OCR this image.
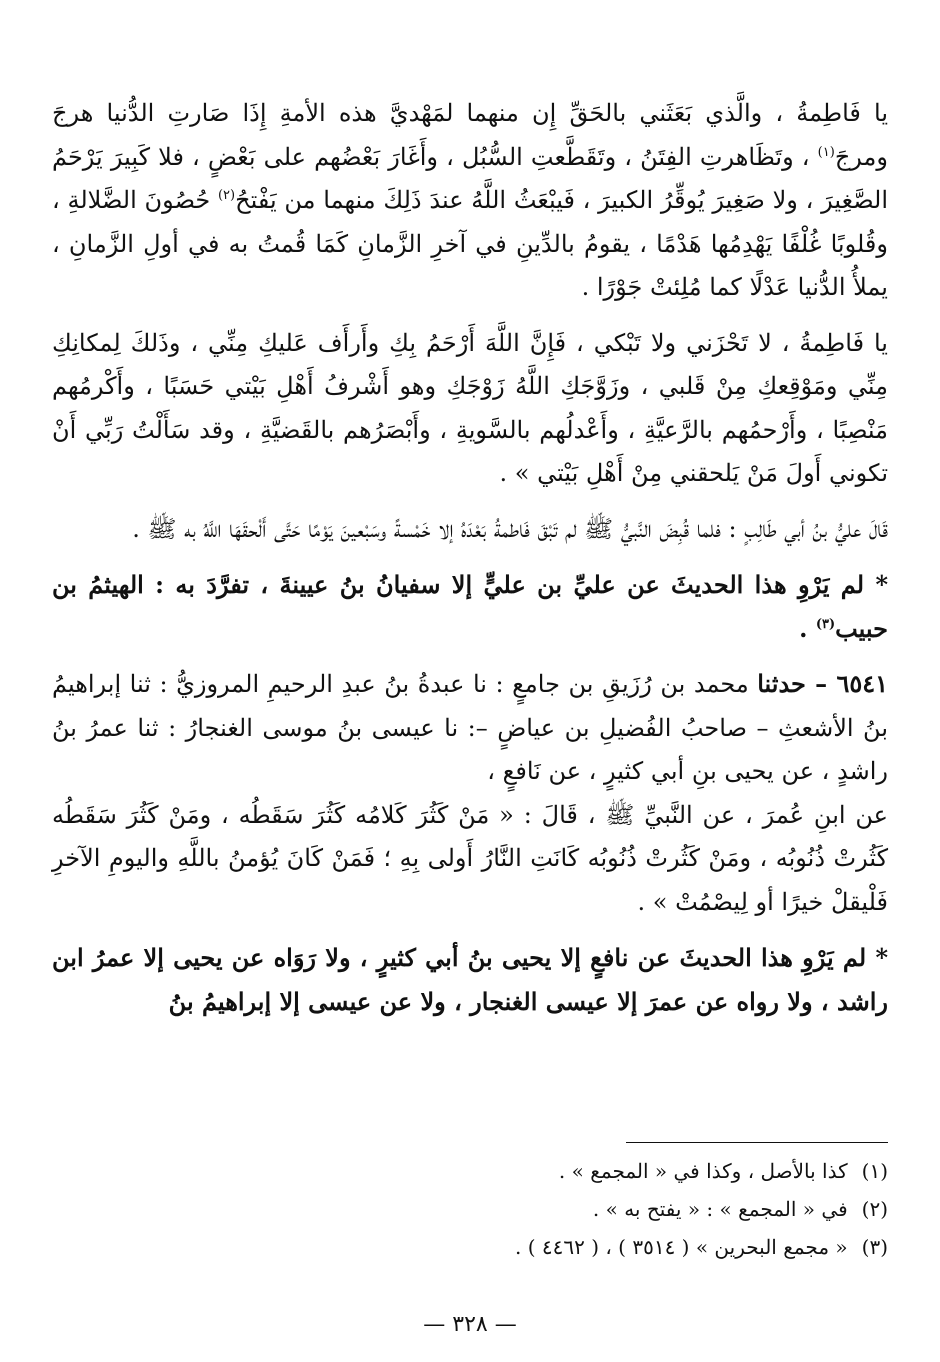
يا فَاطِمةُ ، والَّذي بَعَثَني بالحَقِّ إِن منهما لمَهْديَّ هذه الأمةِ إِذَا صَارتِ الدُّنيا هرجَ ومرجَ$^{(١)}$ ، وتَظَاهرتِ الفِتَنُ ، وتَقَطَّعتِ السُّبُل ، وأَغَارَ بَعْضُهم على بَعْضٍ ، فلا كَبِيرَ يَرْحَمُ الصَّغِيرَ ، ولا صَغِيرَ يُوقِّرُ الكبيرَ ، فَيبْعَثُ اللَّهُ عندَ ذَلِكَ منهما من يَفْتحُ$^{(٢)}$ حُصُونَ الضَّلالةِ ، وقُلوبًا غُلْفًا يَهْدِمُها هَدْمًا ، يقومُ بالدِّينِ في آخرِ الزَّمانِ كَمَا قُمتُ به في أولِ الزَّمانِ ، يملأُ الدُّنيا عَدْلًا كما مُلِئتْ جَوْرًا .

يا فَاطِمةُ ، لا تَحْزَني ولا تَبْكي ، فَإِنَّ اللَّهَ أَرْحَمُ بِكِ وأَرأَف عَليكِ مِنِّي ، وذَلكَ لِمكانِكِ مِنِّي ومَوْقِعكِ مِنْ قَلبي ، وزَوَّجَكِ اللَّهُ زَوْجَكِ وهو أَشْرفُ أَهْلِ بَيْتي حَسَبًا ، وأَكْرمُهم مَنْصِبًا ، وأَرْحمُهم بالرَّعيَّةِ ، وأَعْدلُهم بالسَّويةِ ، وأَبْصَرُهم بالقَضيَّةِ ، وقد سَأَلْتُ رَبِّي أَنْ تكوني أَولَ مَنْ يَلحقني مِنْ أَهْلِ بَيْتي » .

قَالَ عليُّ بنُ أبي طَالِبٍ : فلما قُبِضَ النَّبيُّ ﷺ لم تَبْقَ فَاطمةُ بَعْدَهُ إلا خَمْسةً وسَبْعينَ يَوْمًا حَتَّى أَلْحقَهَا اللَّهُ به ﷺ .

* لم يَرْوِ هذا الحديثَ عن عليِّ بن عليٍّ إلا سفيانُ بنُ عيينةَ ، تفرَّدَ به : الهيثمُ بن حبيب$^{(٣)}$ .

٦٥٤١ – حدثنا محمد بن رُزَيقِ بن جامعٍ : نا عبدةُ بنُ عبدِ الرحيمِ المروزيُّ : ثنا إبراهيمُ بنُ الأشعثِ – صاحبُ الفُضيلِ بن عياضٍ –: نا عيسى بنُ موسى الغنجارُ : ثنا عمرُ بنُ راشدٍ ، عن يحيى بنِ أبي كثيرٍ ، عن نَافعٍ ،

عن ابنِ عُمرَ ، عن النَّبيِّ ﷺ ، قَالَ : « مَنْ كَثُرَ كَلامُه كَثُرَ سَقَطُه ، ومَنْ كَثُرَ سَقَطُه كَثُرتْ ذُنُوبُه ، ومَنْ كَثُرتْ ذُنُوبُه كَانَتِ النَّارُ أَولى بِهِ ؛ فَمَنْ كَانَ يُؤمنُ باللَّهِ واليومِ الآخرِ فَلْيقلْ خيرًا أو لِيصْمُتْ » .

* لم يَرْوِ هذا الحديثَ عن نافعٍ إلا يحيى بنُ أبي كثيرٍ ، ولا رَوَاه عن يحيى إلا عمرُ ابن راشد ، ولا رواه عن عمرَ إلا عيسى الغنجار ، ولا عن عيسى إلا إبراهيمُ بنُ

(١) كذا بالأصل ، وكذا في « المجمع » .

(٢) في « المجمع » : « يفتح به » .

(٣) « مجمع البحرين » ( ٣٥١٤ ) ، ( ٤٤٦٢ ) .

— ٣٢٨ —
